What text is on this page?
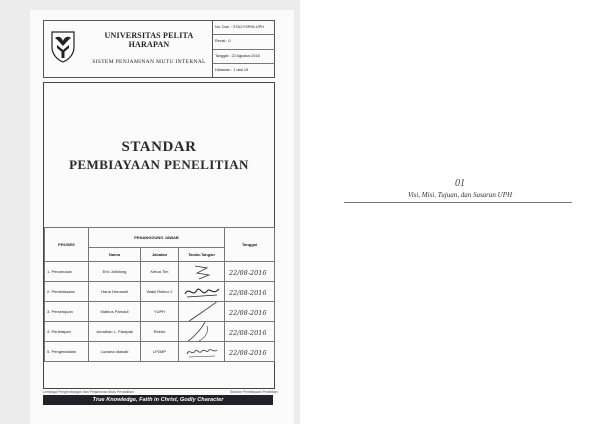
UNIVERSITAS PELITA HARAPAN
SISTEM PENJAMINAN MUTU INTERNAL
No. Dok. : STA17/SPMI-UPH
Revisi : 0
Tanggal : 22 Agustus 2016
Halaman : 1 dari 15
STANDAR
PEMBIAYAAN PENELITIAN
PROSES	PENANGGUNG JAWAB			Tanggal
	Nama	Jabatan	Tanda-Tangan	
1. Perumusan	Eric Jobiliong	Ketua Tim		22/08-2016

2. Pemeriksaan	Hana Horowati	Wakil Rektor 2		22/08-2016

3. Persetujuan	Markus Parnadi	YUPH		22/08-2016

4. Penetapan	Jonathan L. Parapak	Rektor		22/08-2016

5. Pengendalian	Luciana Idawati	LP2MP		22/08-2016
Lembaga Pengembangan dan Penjaminan Mutu Pendidikan	Standar Pembiayaan Penelitian
True Knowledge, Faith in Christ, Godly Character
01
Visi, Misi, Tujuan, dan Sasaran UPH
